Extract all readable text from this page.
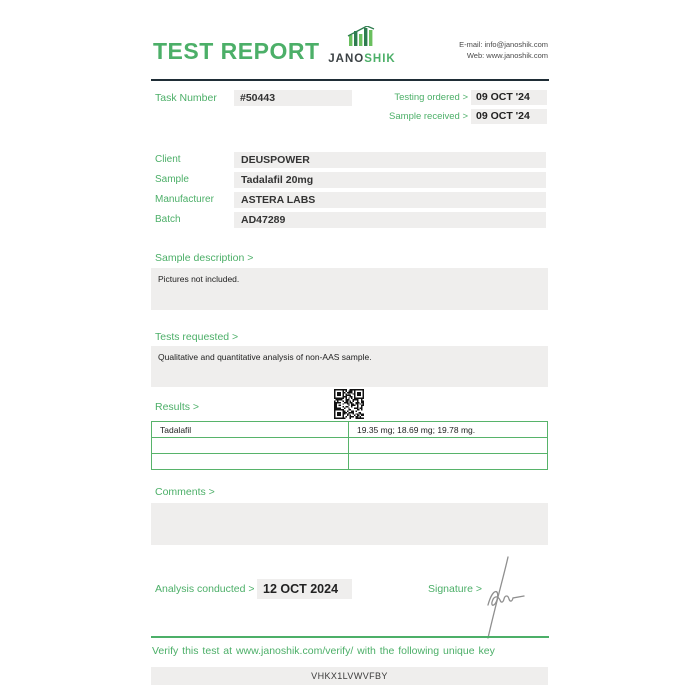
TEST REPORT JANOSHIK
E-mail: info@janoshik.com
Web: www.janoshik.com
Task Number	#50443	Testing ordered > 09 OCT '24
Sample received > 09 OCT '24
Client	DEUSPOWER
Sample	Tadalafil 20mg
Manufacturer	ASTERA LABS
Batch	AD47289
Sample description >
Pictures not included.
Tests requested >
Qualitative and quantitative analysis of non-AAS sample.
Results >
Tadalafil	19.35 mg; 18.69 mg; 19.78 mg.

Comments >
Analysis conducted > 12 OCT 2024	Signature >
Verify this test at www.janoshik.com/verify/ with the following unique key
VHKX1LVWVFBY
